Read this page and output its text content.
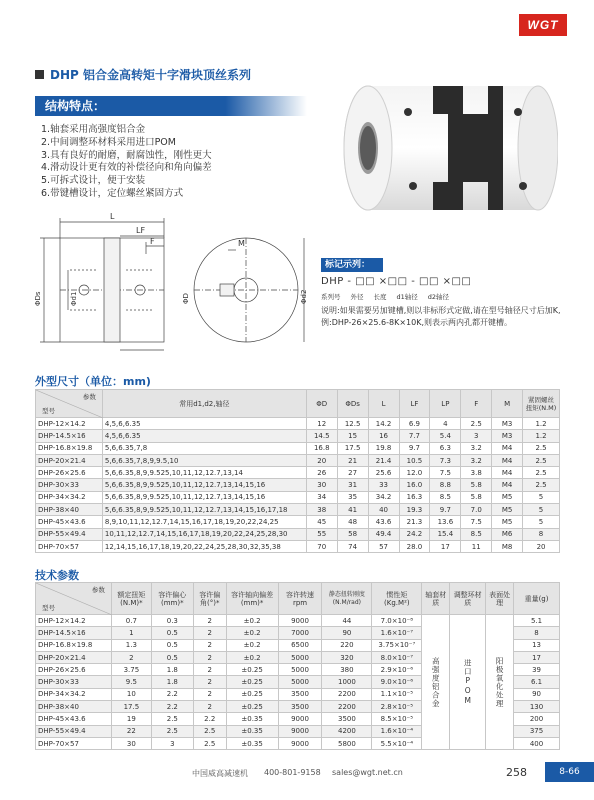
WGT
DHP 铝合金高转矩十字滑块顶丝系列
结构特点：
1.轴套采用高强度铝合金
2.中间调整环材料采用进口POM
3.具有良好的耐磨，耐腐蚀性，刚性更大
4.滑动设计更有效的补偿径向和角向偏差
5.可拆式设计，便于安装
6.带键槽设计，定位螺丝紧固方式
L
LF
F	M
ΦDs	Φd1	ΦD	Φd2
标记示列：
DHP - □□ ×□□ - □□ ×□□
系列号 外径 长度 d1轴径 d2轴径
说明:如果需要另加键槽,则以非标形式定做,请在型号轴径尺寸后加K,
例:DHP-26×25.6-8K×10K,则表示两内孔都开键槽。
外型尺寸（单位：mm)
参数
型号	常用d1,d2,轴径	ΦD	ΦDs	L	LF	LP	F	M	紧固螺丝扭矩(N.M)
DHP-12×14.2	4,5,6,6.35	12	12.5	14.2	6.9	4	2.5	M3	1.2
DHP-14.5×16	4,5,6,6.35	14.5	15	16	7.7	5.4	3	M3	1.2
DHP-16.8×19.8	5,6,6.35,7,8	16.8	17.5	19.8	9.7	6.3	3.2	M4	2.5
DHP-20×21.4	5,6,6.35,7,8,9,9.5,10	20	21	21.4	10.5	7.3	3.2	M4	2.5
DHP-26×25.6	5,6,6.35,8,9,9.525,10,11,12,12.7,13,14	26	27	25.6	12.0	7.5	3.8	M4	2.5
DHP-30×33	5,6,6.35,8,9,9.525,10,11,12,12.7,13,14,15,16	30	31	33	16.0	8.8	5.8	M4	2.5
DHP-34×34.2	5,6,6.35,8,9,9.525,10,11,12,12.7,13,14,15,16	34	35	34.2	16.3	8.5	5.8	M5	5
DHP-38×40	5,6,6.35,8,9,9.525,10,11,12,12.7,13,14,15,16,17,18	38	41	40	19.3	9.7	7.0	M5	5
DHP-45×43.6	8,9,10,11,12,12.7,14,15,16,17,18,19,20,22,24,25	45	48	43.6	21.3	13.6	7.5	M5	5
DHP-55×49.4	10,11,12,12.7,14,15,16,17,18,19,20,22,24,25,28,30	55	58	49.4	24.2	15.4	8.5	M6	8
DHP-70×57	12,14,15,16,17,18,19,20,22,24,25,28,30,32,35,38	70	74	57	28.0	17	11	M8	20
技术参数
参数
型号	额定扭矩(N.M)*	容许偏心(mm)*	容许偏角(°)*	容许轴向偏差(mm)*	容许转速rpm	静态扭转刚度(N.M/rad)	惯性矩(Kg.M²)	轴套材质	调整环材质	表面处理	重量(g)
DHP-12×14.2	0.7	0.3	2	±0.2	9000	44	7.0×10⁻⁸	高强度铝合金	进口POM	阳极氧化处理	5.1
DHP-14.5×16	1	0.5	2	±0.2	7000	90	1.6×10⁻⁷				8
DHP-16.8×19.8	1.3	0.5	2	±0.2	6500	220	3.75×10⁻⁷				13
DHP-20×21.4	2	0.5	2	±0.2	5000	320	8.0×10⁻⁷				17
DHP-26×25.6	3.75	1.8	2	±0.25	5000	380	2.9×10⁻⁶				39
DHP-30×33	9.5	1.8	2	±0.25	5000	1000	9.0×10⁻⁶				6.1
DHP-34×34.2	10	2.2	2	±0.25	3500	2200	1.1×10⁻⁵				90
DHP-38×40	17.5	2.2	2	±0.25	3500	2200	2.8×10⁻⁵				130
DHP-45×43.6	19	2.5	2.2	±0.35	9000	3500	8.5×10⁻⁵				200
DHP-55×49.4	22	2.5	2.5	±0.35	9000	4200	1.6×10⁻⁴				375
DHP-70×57	30	3	2.5	±0.35	9000	5800	5.5×10⁻⁴				400
中国威高减速机 400-801-9158 sales@wgt.net.cn	258	8-66
